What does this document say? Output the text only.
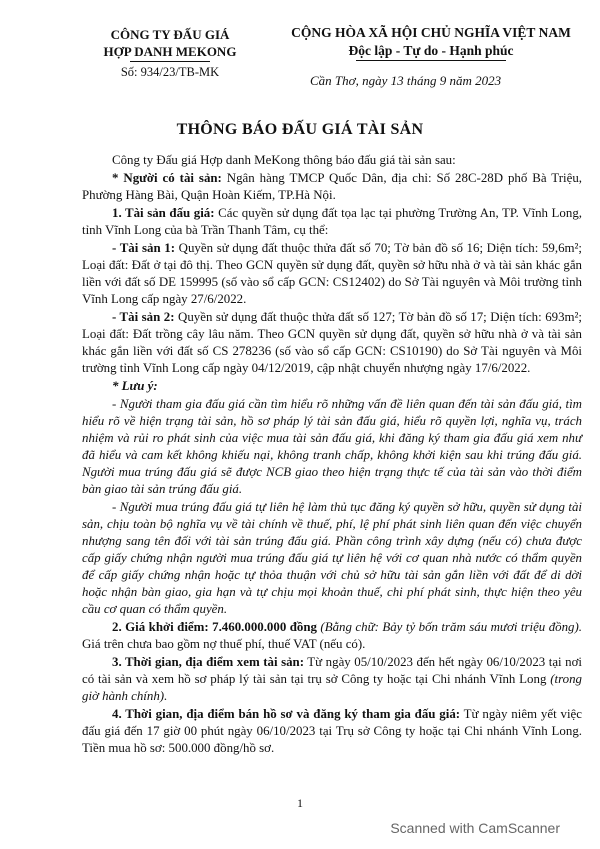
CÔNG TY ĐẤU GIÁ
HỢP DANH MEKONG
Số: 934/23/TB-MK
CỘNG HÒA XÃ HỘI CHỦ NGHĨA VIỆT NAM
Độc lập - Tự do - Hạnh phúc
Cần Thơ, ngày 13 tháng 9 năm 2023
THÔNG BÁO ĐẤU GIÁ TÀI SẢN

Công ty Đấu giá Hợp danh MeKong thông báo đấu giá tài sản sau:

* Người có tài sản: Ngân hàng TMCP Quốc Dân, địa chỉ: Số 28C-28D phố Bà Triệu, Phường Hàng Bài, Quận Hoàn Kiếm, TP.Hà Nội.

1. Tài sản đấu giá: Các quyền sử dụng đất tọa lạc tại phường Trường An, TP. Vĩnh Long, tỉnh Vĩnh Long của bà Trần Thanh Tâm, cụ thể:

- Tài sản 1: Quyền sử dụng đất thuộc thửa đất số 70; Tờ bản đồ số 16; Diện tích: 59,6m²; Loại đất: Đất ở tại đô thị. Theo GCN quyền sử dụng đất, quyền sở hữu nhà ở và tài sản khác gắn liền với đất số DE 159995 (số vào sổ cấp GCN: CS12402) do Sở Tài nguyên và Môi trường tỉnh Vĩnh Long cấp ngày 27/6/2022.

- Tài sản 2: Quyền sử dụng đất thuộc thửa đất số 127; Tờ bản đồ số 17; Diện tích: 693m²; Loại đất: Đất trồng cây lâu năm. Theo GCN quyền sử dụng đất, quyền sở hữu nhà ở và tài sản khác gắn liền với đất số CS 278236 (số vào sổ cấp GCN: CS10190) do Sở Tài nguyên và Môi trường tỉnh Vĩnh Long cấp ngày 04/12/2019, cập nhật chuyển nhượng ngày 17/6/2022.

* Lưu ý:

- Người tham gia đấu giá cần tìm hiểu rõ những vấn đề liên quan đến tài sản đấu giá, tìm hiểu rõ về hiện trạng tài sản, hồ sơ pháp lý tài sản đấu giá, hiểu rõ quyền lợi, nghĩa vụ, trách nhiệm và rủi ro phát sinh của việc mua tài sản đấu giá, khi đăng ký tham gia đấu giá xem như đã hiểu và cam kết không khiếu nại, không tranh chấp, không khởi kiện sau khi trúng đấu giá. Người mua trúng đấu giá sẽ được NCB giao theo hiện trạng thực tế của tài sản vào thời điểm bàn giao tài sản trúng đấu giá.

- Người mua trúng đấu giá tự liên hệ làm thủ tục đăng ký quyền sở hữu, quyền sử dụng tài sản, chịu toàn bộ nghĩa vụ về tài chính về thuế, phí, lệ phí phát sinh liên quan đến việc chuyển nhượng sang tên đối với tài sản trúng đấu giá. Phần công trình xây dựng (nếu có) chưa được cấp giấy chứng nhận người mua trúng đấu giá tự liên hệ với cơ quan nhà nước có thẩm quyền để cấp giấy chứng nhận hoặc tự thỏa thuận với chủ sở hữu tài sản gắn liền với đất để di dời hoặc nhận bàn giao, gia hạn và tự chịu mọi khoản thuế, chi phí phát sinh, thực hiện theo yêu cầu cơ quan có thẩm quyền.

2. Giá khởi điểm: 7.460.000.000 đồng (Bằng chữ: Bảy tỷ bốn trăm sáu mươi triệu đồng). Giá trên chưa bao gồm nợ thuế phí, thuế VAT (nếu có).

3. Thời gian, địa điểm xem tài sản: Từ ngày 05/10/2023 đến hết ngày 06/10/2023 tại nơi có tài sản và xem hồ sơ pháp lý tài sản tại trụ sở Công ty hoặc tại Chi nhánh Vĩnh Long (trong giờ hành chính).

4. Thời gian, địa điểm bán hồ sơ và đăng ký tham gia đấu giá: Từ ngày niêm yết việc đấu giá đến 17 giờ 00 phút ngày 06/10/2023 tại Trụ sở Công ty hoặc tại Chi nhánh Vĩnh Long. Tiền mua hồ sơ: 500.000 đồng/hồ sơ.

1
Scanned with CamScanner
